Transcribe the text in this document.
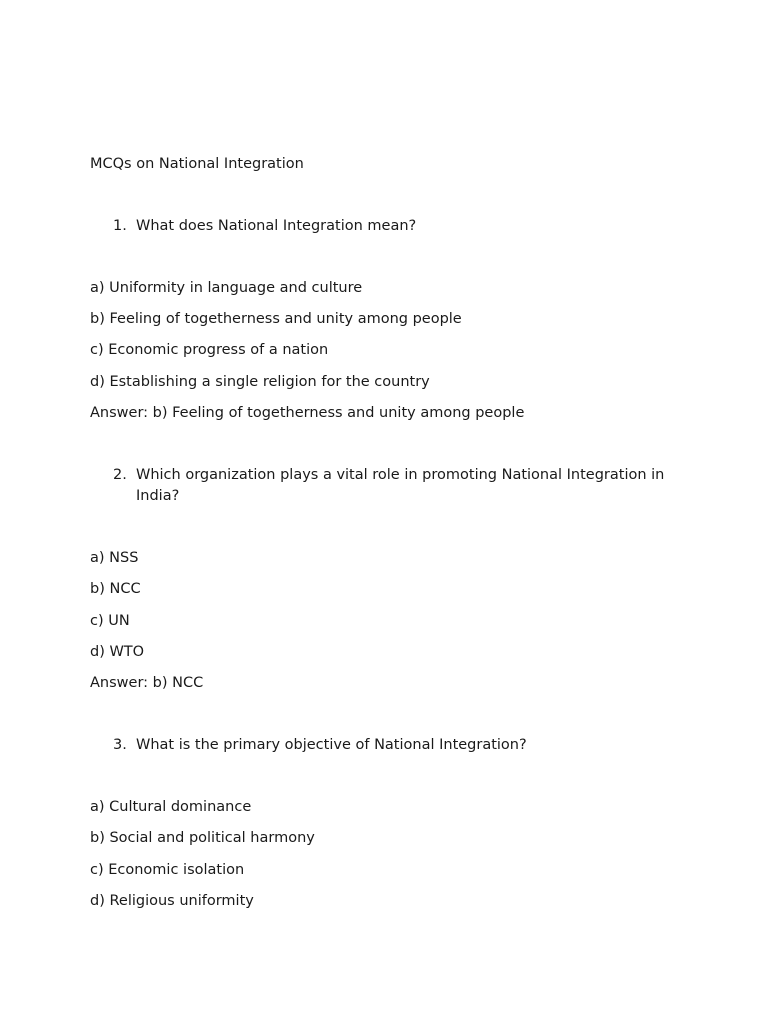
MCQs on National Integration
1. What does National Integration mean?
a) Uniformity in language and culture
b) Feeling of togetherness and unity among people
c) Economic progress of a nation
d) Establishing a single religion for the country
Answer: b) Feeling of togetherness and unity among people
2. Which organization plays a vital role in promoting National Integration in India?
a) NSS
b) NCC
c) UN
d) WTO
Answer: b) NCC
3. What is the primary objective of National Integration?
a) Cultural dominance
b) Social and political harmony
c) Economic isolation
d) Religious uniformity
